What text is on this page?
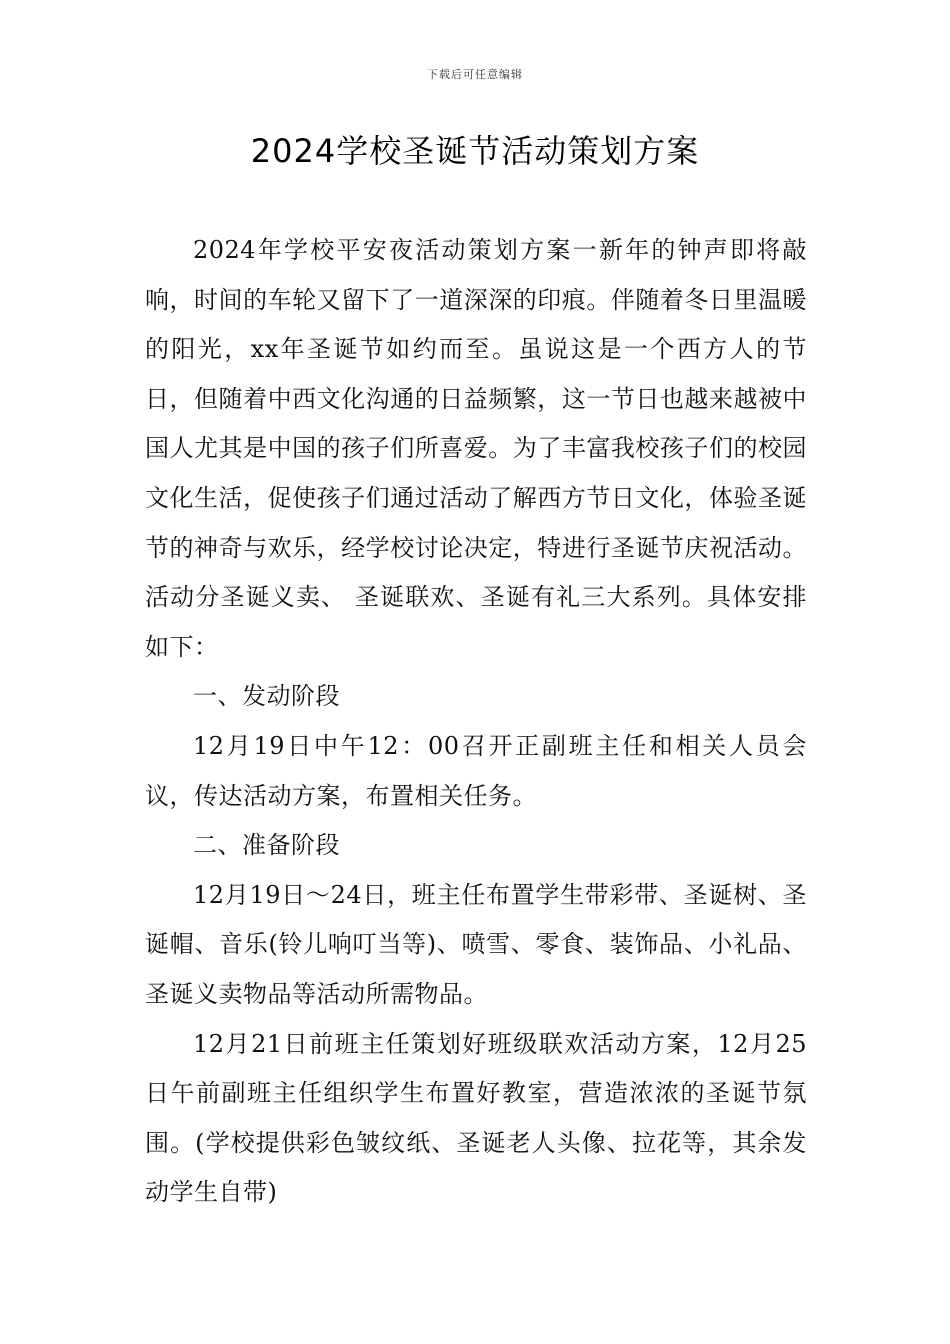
下载后可任意编辑
2024学校圣诞节活动策划方案

2024年学校平安夜活动策划方案一新年的钟声即将敲响，时间的车轮又留下了一道深深的印痕。伴随着冬日里温暖的阳光，xx年圣诞节如约而至。虽说这是一个西方人的节日，但随着中西文化沟通的日益频繁，这一节日也越来越被中国人尤其是中国的孩子们所喜爱。为了丰富我校孩子们的校园文化生活，促使孩子们通过活动了解西方节日文化，体验圣诞节的神奇与欢乐，经学校讨论决定，特进行圣诞节庆祝活动。活动分圣诞义卖、 圣诞联欢、圣诞有礼三大系列。具体安排如下：

一、发动阶段

12月19日中午12：00召开正副班主任和相关人员会议，传达活动方案，布置相关任务。

二、准备阶段

12月19日～24日，班主任布置学生带彩带、圣诞树、圣诞帽、音乐(铃儿响叮当等)、喷雪、零食、装饰品、小礼品、圣诞义卖物品等活动所需物品。

12月21日前班主任策划好班级联欢活动方案，12月25日午前副班主任组织学生布置好教室，营造浓浓的圣诞节氛围。(学校提供彩色皱纹纸、圣诞老人头像、拉花等，其余发动学生自带)
